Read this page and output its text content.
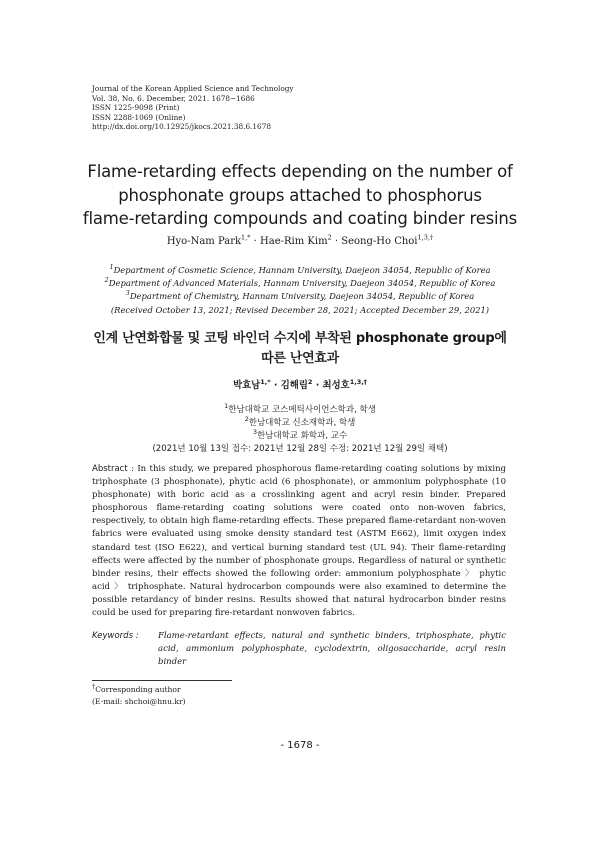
Journal of the Korean Applied Science and Technology
Vol. 38, No. 6. December, 2021. 1678~1686
ISSN 1225-9098 (Print)
ISSN 2288-1069 (Online)
http://dx.doi.org/10.12925/jkocs.2021.38.6.1678
Flame-retarding effects depending on the number of
phosphonate groups attached to phosphorus
flame-retarding compounds and coating binder resins
Hyo-Nam Park$^{1,*}$ · Hae-Rim Kim$^2$ · Seong-Ho Choi$^{1,3,\dagger}$
$^1$Department of Cosmetic Science, Hannam University, Daejeon 34054, Republic of Korea
$^2$Department of Advanced Materials, Hannam University, Daejeon 34054, Republic of Korea
$^3$Department of Chemistry, Hannam University, Daejeon 34054, Republic of Korea
(Received October 13, 2021; Revised December 28, 2021; Accepted December 29, 2021)
인계 난연화합물 및 코팅 바인더 수지에 부착된 phosphonate group에
따른 난연효과
박효남$^{1,*}$ · 김해림$^2$ · 최성호$^{1,3,\dagger}$
$^1$한남대학교 코스메틱사이언스학과, 학생
$^2$한남대학교 신소재학과, 학생
$^3$한남대학교 화학과, 교수
(2021년 10월 13일 접수: 2021년 12월 28일 수정: 2021년 12월 29일 채택)
Abstract : In this study, we prepared phosphorous flame-retarding coating solutions by mixing triphosphate (3 phosphonate), phytic acid (6 phosphonate), or ammonium polyphosphate (10 phosphonate) with boric acid as a crosslinking agent and acryl resin binder. Prepared phosphorous flame-retarding coating solutions were coated onto non-woven fabrics, respectively, to obtain high flame-retarding effects. These prepared flame-retardant non-woven fabrics were evaluated using smoke density standard test (ASTM E662), limit oxygen index standard test (ISO E622), and vertical burning standard test (UL 94). Their flame-retarding effects were affected by the number of phosphonate groups. Regardless of natural or synthetic binder resins, their effects showed the following order: ammonium polyphosphate 〉 phytic acid 〉 triphosphate. Natural hydrocarbon compounds were also examined to determine the possible retardancy of binder resins. Results showed that natural hydrocarbon binder resins could be used for preparing fire-retardant nonwoven fabrics.
Keywords :	Flame-retardant effects, natural and synthetic binders, triphosphate, phytic acid, ammonium polyphosphate, cyclodextrin, oligosaccharide, acryl resin binder
†Corresponding author
(E-mail: shchoi@hnu.kr)
- 1678 -
